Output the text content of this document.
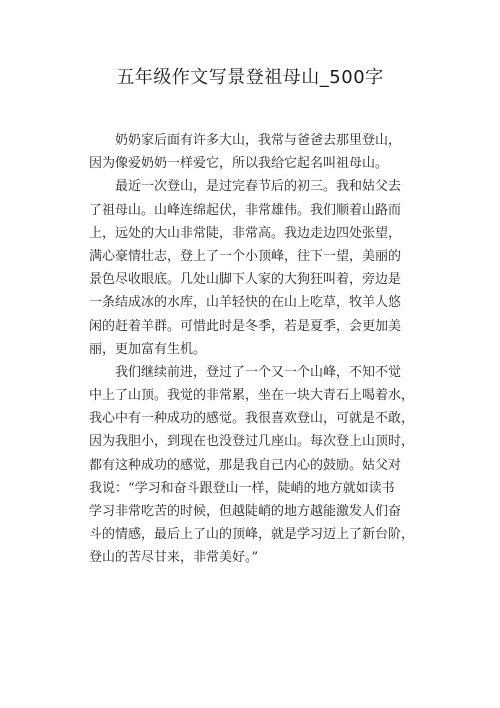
五年级作文写景登祖母山_500字
奶奶家后面有许多大山，我常与爸爸去那里登山，
因为像爱奶奶一样爱它，所以我给它起名叫祖母山。
最近一次登山，是过完春节后的初三。我和姑父去
了祖母山。山峰连绵起伏，非常雄伟。我们顺着山路而
上，远处的大山非常陡，非常高。我边走边四处张望，
满心豪情壮志，登上了一个小顶峰，往下一望，美丽的
景色尽收眼底。几处山脚下人家的大狗狂叫着，旁边是
一条结成冰的水库，山羊轻快的在山上吃草，牧羊人悠
闲的赶着羊群。可惜此时是冬季，若是夏季，会更加美
丽，更加富有生机。
我们继续前进，登过了一个又一个山峰，不知不觉
中上了山顶。我觉的非常累，坐在一块大青石上喝着水，
我心中有一种成功的感觉。我很喜欢登山，可就是不敢，
因为我胆小，到现在也没登过几座山。每次登上山顶时，
都有这种成功的感觉，那是我自己内心的鼓励。姑父对
我说：“学习和奋斗跟登山一样，陡峭的地方就如读书
学习非常吃苦的时候，但越陡峭的地方越能激发人们奋
斗的情感，最后上了山的顶峰，就是学习迈上了新台阶，
登山的苦尽甘来，非常美好。”
